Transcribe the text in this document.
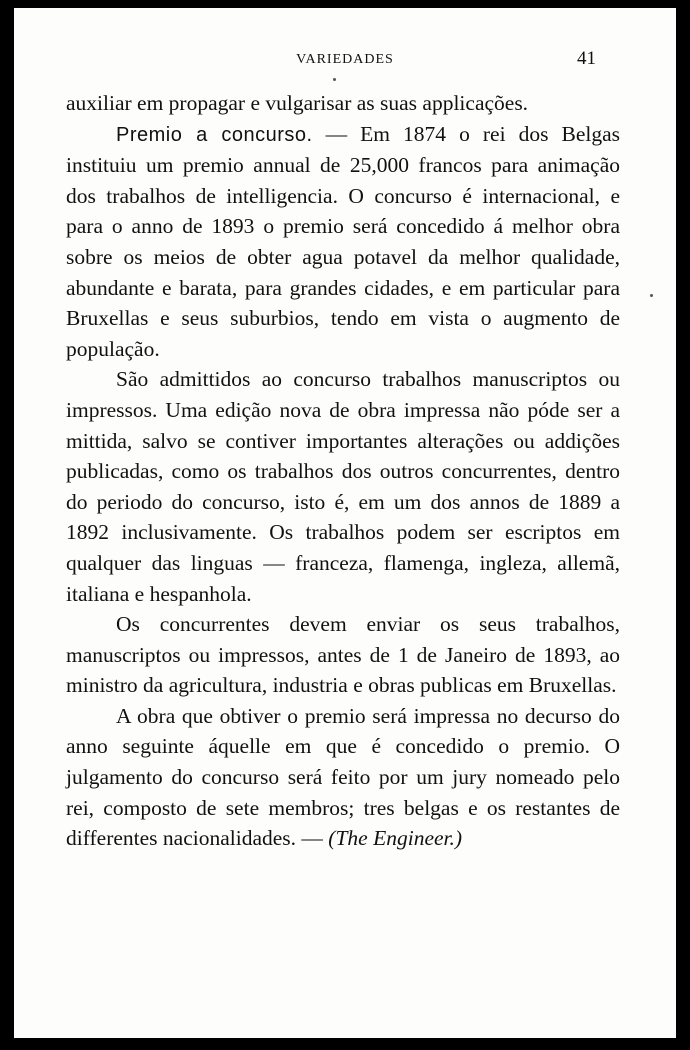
VARIEDADES	41

auxiliar em propagar e vulgarisar as suas applicações.

Premio a concurso. — Em 1874 o rei dos Belgas instituiu um premio annual de 25,000 francos para animação dos trabalhos de intelligencia. O concurso é internacional, e para o anno de 1893 o premio será concedido á melhor obra sobre os meios de obter agua potavel da melhor qualidade, abundante e barata, para grandes cidades, e em particular para Bruxellas e seus suburbios, tendo em vista o augmento de população.

São admittidos ao concurso trabalhos manuscriptos ou impressos. Uma edição nova de obra impressa não póde ser a mittida, salvo se contiver importantes alterações ou addições publicadas, como os trabalhos dos outros concurrentes, dentro do periodo do concurso, isto é, em um dos annos de 1889 a 1892 inclusivamente. Os trabalhos podem ser escriptos em qualquer das linguas — franceza, flamenga, ingleza, allemã, italiana e hespanhola.

Os concurrentes devem enviar os seus trabalhos, manuscriptos ou impressos, antes de 1 de Janeiro de 1893, ao ministro da agricultura, industria e obras publicas em Bruxellas.

A obra que obtiver o premio será impressa no decurso do anno seguinte áquelle em que é concedido o premio. O julgamento do concurso será feito por um jury nomeado pelo rei, composto de sete membros; tres belgas e os restantes de differentes nacionalidades. — (The Engineer.)
